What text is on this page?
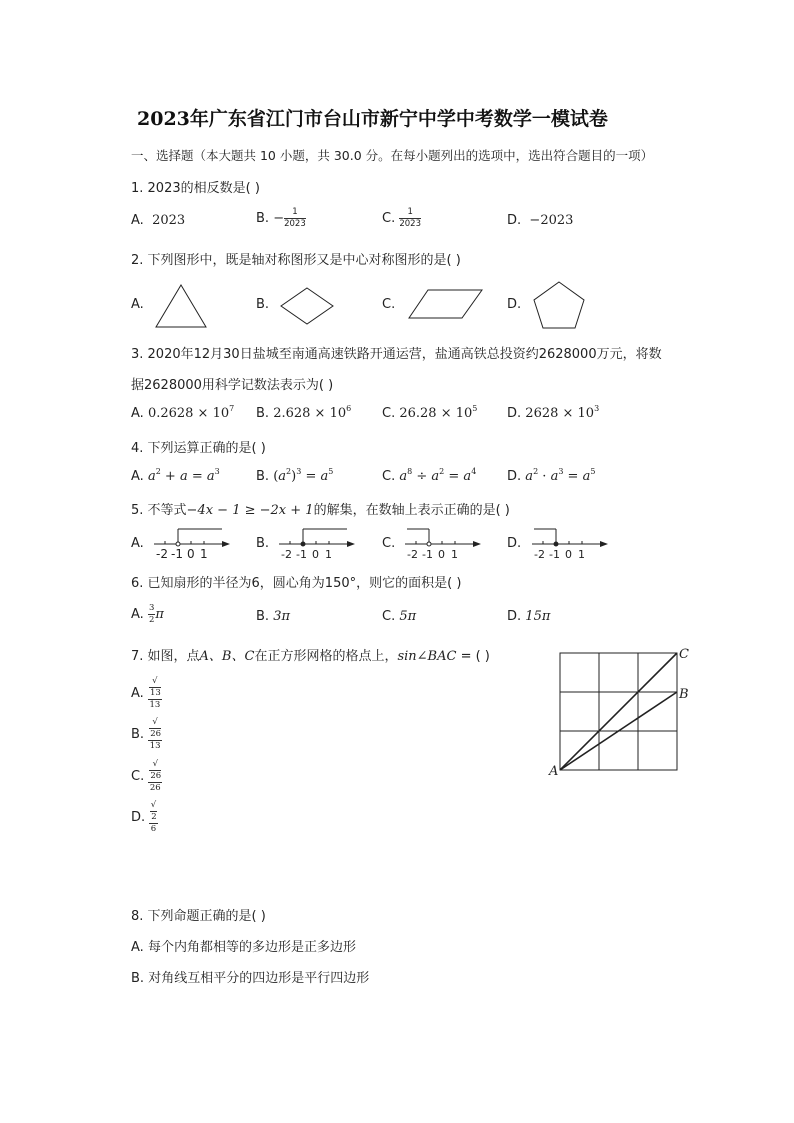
2023年广东省江门市台山市新宁中学中考数学一模试卷
一、选择题（本大题共 10 小题，共 30.0 分。在每小题列出的选项中，选出符合题目的一项）
1. 2023的相反数是( )
A. 2023	B. − $\frac{1}{2023}$	C. $\frac{1}{2023}$	D. −2023
2. 下列图形中，既是轴对称图形又是中心对称图形的是( )
A.	B.	C.	D.
3. 2020年12月30日盐城至南通高速铁路开通运营，盐通高铁总投资约2628000万元，将数
据2628000用科学记数法表示为( )
A. $0.2628 \times 10^7$ B. $2.628 \times 10^6$ C. $26.28 \times 10^5$ D. $2628 \times 10^3$
4. 下列运算正确的是( )
A. $a^2 + a = a^3$	B. $(a^2)^3 = a^5$	C. $a^8 \div a^2 = a^4$ D. $a^2 \cdot a^3 = a^5$
5. 不等式−4x − 1 ≥ −2x + 1的解集，在数轴上表示正确的是( )
A.
-2 -1 0 1
B.
-2 -1 0 1
C.
-2 -1 0 1
D.
-2 -1 0 1
6. 已知扇形的半径为6，圆心角为150°，则它的面积是( )
A. $\frac{3}{2}$ π	B. 3π	C. 5π	D. 15π
7. 如图，点A、B、C在正方形网格的格点上，sin∠BAC = ( )
A. √
13
13
B. √
26
13
C. √
26
26
D. √
2
6
C
B
A
8. 下列命题正确的是( )
A. 每个内角都相等的多边形是正多边形
B. 对角线互相平分的四边形是平行四边形
